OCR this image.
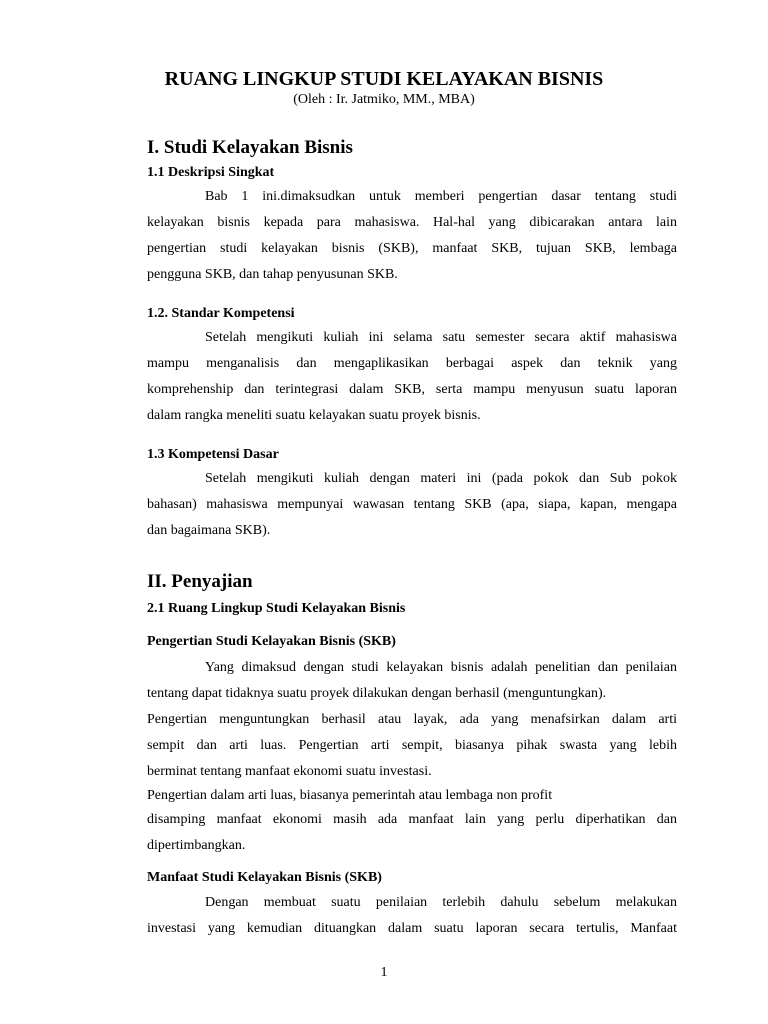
RUANG LINGKUP STUDI KELAYAKAN BISNIS

(Oleh : Ir. Jatmiko, MM., MBA)

I. Studi Kelayakan Bisnis
1.1 Deskripsi Singkat

Bab 1 ini.dimaksudkan untuk memberi pengertian dasar tentang studi

kelayakan bisnis kepada para mahasiswa. Hal-hal yang dibicarakan antara lain

pengertian studi kelayakan bisnis (SKB), manfaat SKB, tujuan SKB, lembaga

pengguna SKB, dan tahap penyusunan SKB.

1.2. Standar Kompetensi

Setelah mengikuti kuliah ini selama satu semester secara aktif mahasiswa

mampu menganalisis dan mengaplikasikan berbagai aspek dan teknik yang

komprehenship dan terintegrasi dalam SKB, serta mampu menyusun suatu laporan

dalam rangka meneliti suatu kelayakan suatu proyek bisnis.

1.3 Kompetensi Dasar

Setelah mengikuti kuliah dengan materi ini (pada pokok dan Sub pokok

bahasan) mahasiswa mempunyai wawasan tentang SKB (apa, siapa, kapan, mengapa

dan bagaimana SKB).

II. Penyajian
2.1 Ruang Lingkup Studi Kelayakan Bisnis
Pengertian Studi Kelayakan Bisnis (SKB)

Yang dimaksud dengan studi kelayakan bisnis adalah penelitian dan penilaian

tentang dapat tidaknya suatu proyek dilakukan dengan berhasil (menguntungkan).

Pengertian menguntungkan berhasil atau layak, ada yang menafsirkan dalam arti

sempit dan arti luas. Pengertian arti sempit, biasanya pihak swasta yang lebih

berminat tentang manfaat ekonomi suatu investasi.

Pengertian dalam arti luas, biasanya pemerintah atau lembaga non profit

disamping manfaat ekonomi masih ada manfaat lain yang perlu diperhatikan dan

dipertimbangkan.

Manfaat Studi Kelayakan Bisnis (SKB)

Dengan membuat suatu penilaian terlebih dahulu sebelum melakukan

investasi yang kemudian dituangkan dalam suatu laporan secara tertulis, Manfaat

1
